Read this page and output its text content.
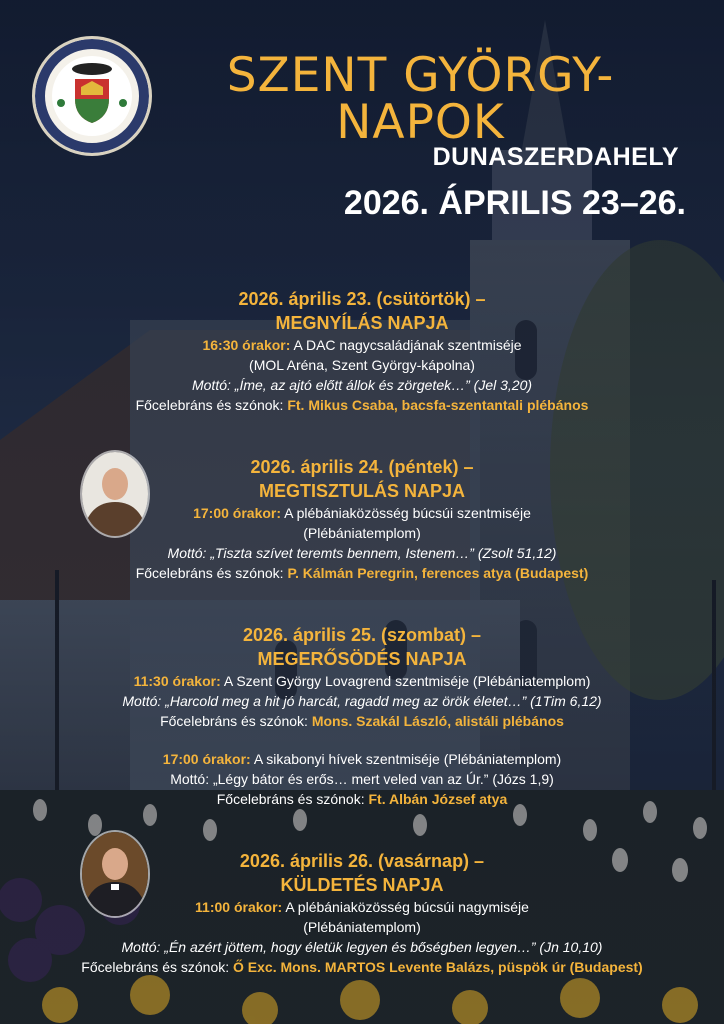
SZENT GYÖRGY-NAPOK
DUNASZERDAHELY
2026. ÁPRILIS 23–26.
2026. április 23. (csütörtök) –
MEGNYÍLÁS NAPJA
16:30 órakor: A DAC nagycsaládjának szentmiséje
(MOL Aréna, Szent György-kápolna)
Mottó: „Íme, az ajtó előtt állok és zörgetek…” (Jel 3,20)
Főcelebráns és szónok: Ft. Mikus Csaba, bacsfa-szentantali plébános
2026. április 24. (péntek) –
MEGTISZTULÁS NAPJA
17:00 órakor: A plébániaközösség búcsúi szentmiséje
(Plébániatemplom)
Mottó: „Tiszta szívet teremts bennem, Istenem…” (Zsolt 51,12)
Főcelebráns és szónok: P. Kálmán Peregrin, ferences atya (Budapest)
2026. április 25. (szombat) –
MEGERŐSÖDÉS NAPJA
11:30 órakor: A Szent György Lovagrend szentmiséje (Plébániatemplom)
Mottó: „Harcold meg a hit jó harcát, ragadd meg az örök életet…” (1Tim 6,12)
Főcelebráns és szónok: Mons. Szakál László, alistáli plébános
17:00 órakor: A sikabonyi hívek szentmiséje (Plébániatemplom)
Mottó: „Légy bátor és erős… mert veled van az Úr.” (Józs 1,9)
Főcelebráns és szónok: Ft. Albán József atya
2026. április 26. (vasárnap) –
KÜLDETÉS NAPJA
11:00 órakor: A plébániaközösség búcsúi nagymiséje
(Plébániatemplom)
Mottó: „Én azért jöttem, hogy életük legyen és bőségben legyen…” (Jn 10,10)
Főcelebráns és szónok: Ő Exc. Mons. MARTOS Levente Balázs, püspök úr (Budapest)
